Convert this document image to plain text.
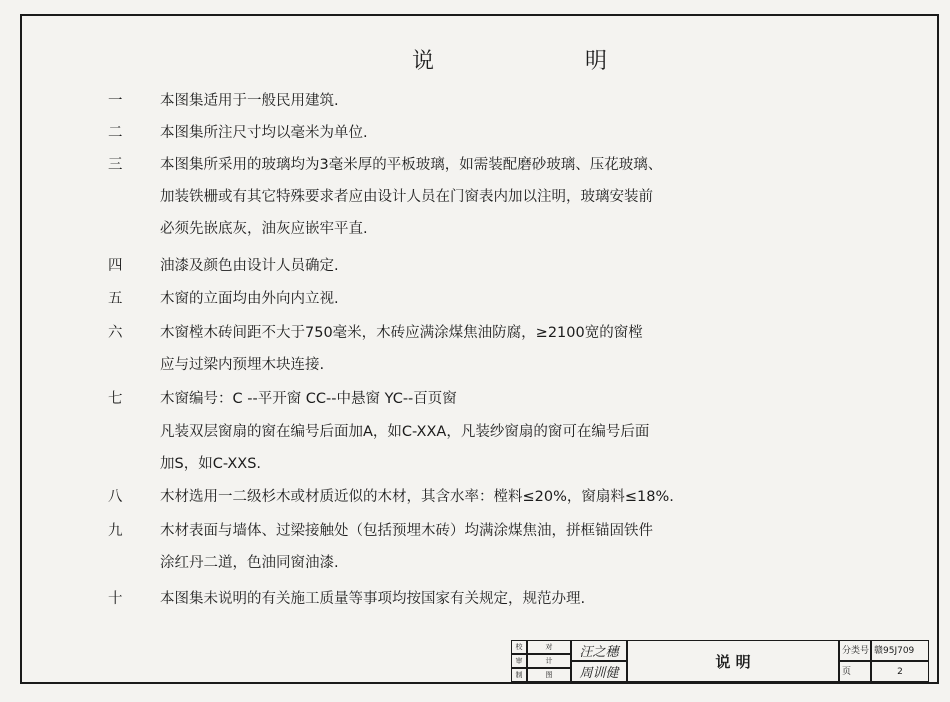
说 明
一	本图集适用于一般民用建筑.
二	本图集所注尺寸均以毫米为单位.
三	本图集所采用的玻璃均为3毫米厚的平板玻璃，如需装配磨砂玻璃、压花玻璃、
加装铁栅或有其它特殊要求者应由设计人员在门窗表内加以注明，玻璃安装前
必须先嵌底灰，油灰应嵌牢平直.
四	油漆及颜色由设计人员确定.
五	木窗的立面均由外向内立视.
六	木窗樘木砖间距不大于750毫米，木砖应满涂煤焦油防腐，≥2100宽的窗樘
应与过梁内预埋木块连接.
七	木窗编号：C --平开窗 CC--中悬窗 YC--百页窗
凡装双层窗扇的窗在编号后面加A，如C-XXA，凡装纱窗扇的窗可在编号后面
加S，如C-XXS.
八	木材选用一二级杉木或材质近似的木材，其含水率：樘料≤20%，窗扇料≤18%.
九	木材表面与墙体、过梁接触处（包括预埋木砖）均满涂煤焦油，拼框锚固铁件
涂红丹二道，色油同窗油漆.
十	本图集未说明的有关施工质量等事项均按国家有关规定，规范办理.
校	对
审	计
制	图
汪之穗
周训健
说 明
分类号 赣95J709
页	2
